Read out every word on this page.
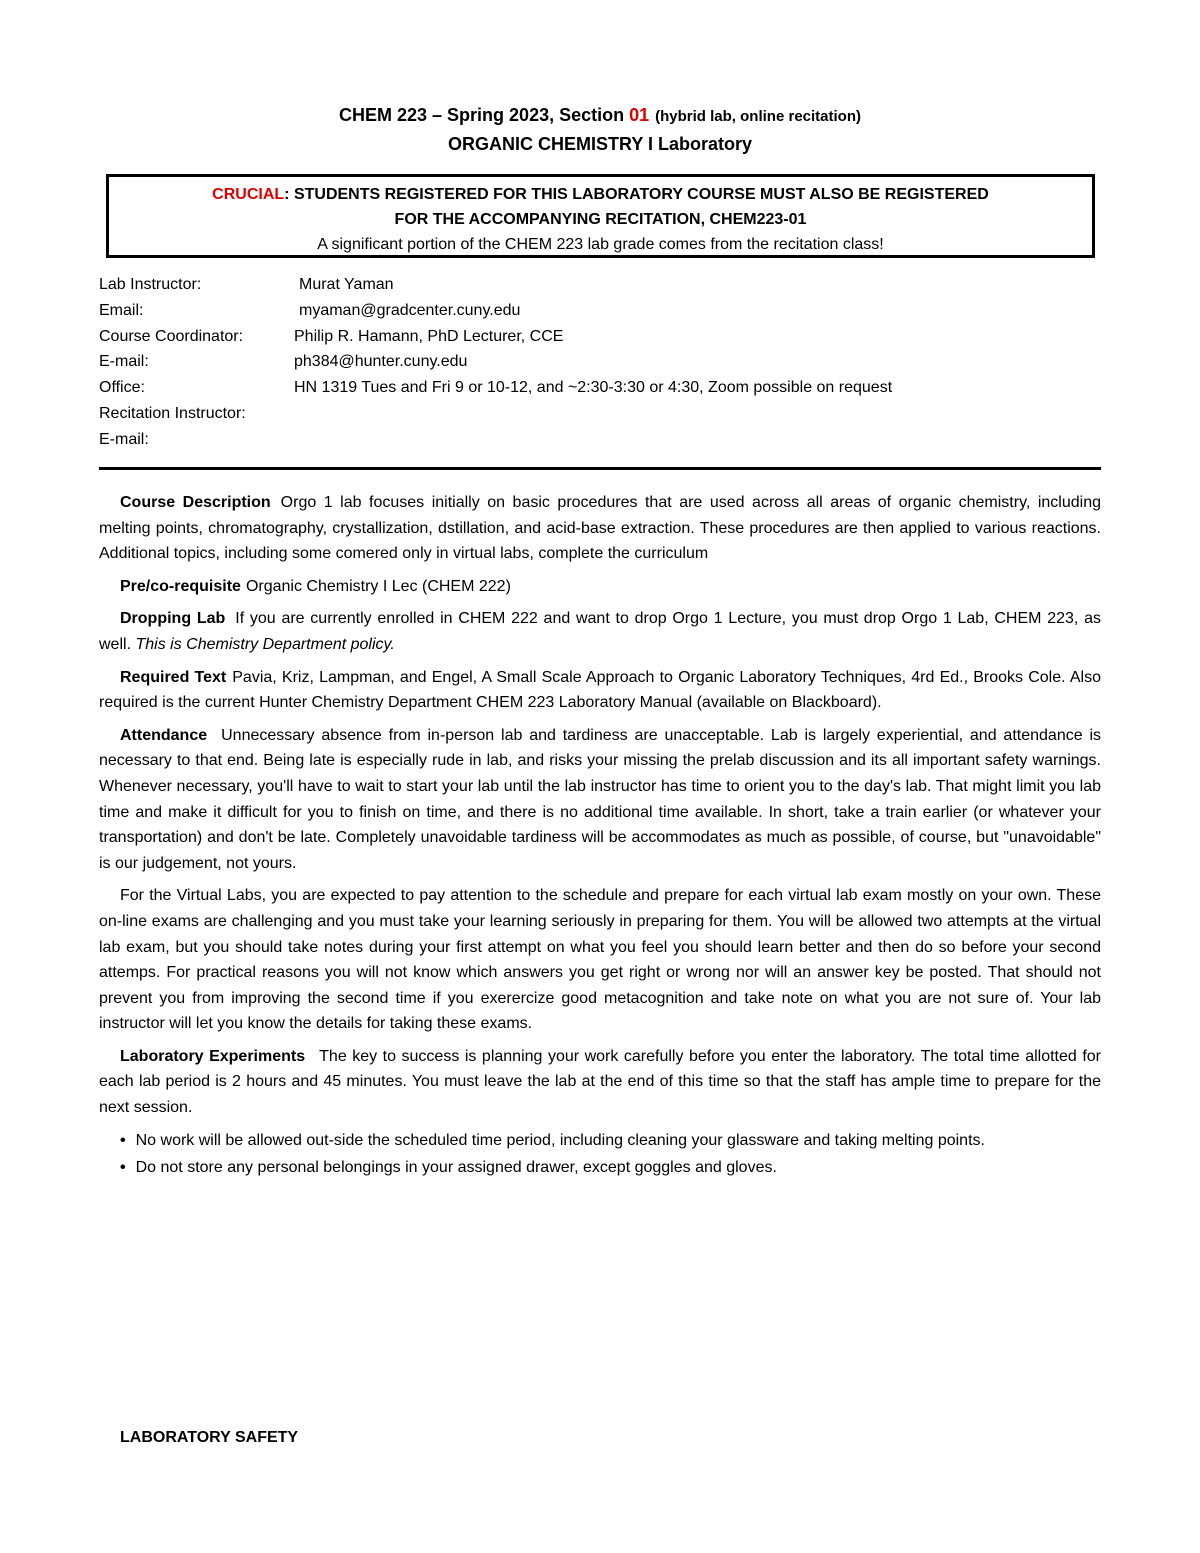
CHEM 223 – Spring 2023, Section 01 (hybrid lab, online recitation)
ORGANIC CHEMISTRY I Laboratory
CRUCIAL: STUDENTS REGISTERED FOR THIS LABORATORY COURSE MUST ALSO BE REGISTERED
FOR THE ACCOMPANYING RECITATION, CHEM223-01
A significant portion of the CHEM 223 lab grade comes from the recitation class!
Lab Instructor:	Murat Yaman
Email:	myaman@gradcenter.cuny.edu
Course Coordinator:	Philip R. Hamann, PhD Lecturer, CCE
E-mail:	ph384@hunter.cuny.edu
Office:	HN 1319 Tues and Fri 9 or 10-12, and ~2:30-3:30 or 4:30, Zoom possible on request
Recitation Instructor:
E-mail:

Course Description Orgo 1 lab focuses initially on basic procedures that are used across all areas of organic chemistry, including melting points, chromatography, crystallization, dstillation, and acid-base extraction. These procedures are then applied to various reactions. Additional topics, including some comered only in virtual labs, complete the curriculum

Pre/co-requisite Organic Chemistry I Lec (CHEM 222)

Dropping Lab If you are currently enrolled in CHEM 222 and want to drop Orgo 1 Lecture, you must drop Orgo 1 Lab, CHEM 223, as well. This is Chemistry Department policy.

Required Text Pavia, Kriz, Lampman, and Engel, A Small Scale Approach to Organic Laboratory Techniques, 4rd Ed., Brooks Cole. Also required is the current Hunter Chemistry Department CHEM 223 Laboratory Manual (available on Blackboard).

Attendance Unnecessary absence from in-person lab and tardiness are unacceptable. Lab is largely experiential, and attendance is necessary to that end. Being late is especially rude in lab, and risks your missing the prelab discussion and its all important safety warnings. Whenever necessary, you'll have to wait to start your lab until the lab instructor has time to orient you to the day's lab. That might limit you lab time and make it difficult for you to finish on time, and there is no additional time available. In short, take a train earlier (or whatever your transportation) and don't be late. Completely unavoidable tardiness will be accommodates as much as possible, of course, but "unavoidable" is our judgement, not yours.

For the Virtual Labs, you are expected to pay attention to the schedule and prepare for each virtual lab exam mostly on your own. These on-line exams are challenging and you must take your learning seriously in preparing for them. You will be allowed two attempts at the virtual lab exam, but you should take notes during your first attempt on what you feel you should learn better and then do so before your second attemps. For practical reasons you will not know which answers you get right or wrong nor will an answer key be posted. That should not prevent you from improving the second time if you exerercize good metacognition and take note on what you are not sure of. Your lab instructor will let you know the details for taking these exams.

Laboratory Experiments The key to success is planning your work carefully before you enter the laboratory. The total time allotted for each lab period is 2 hours and 45 minutes. You must leave the lab at the end of this time so that the staff has ample time to prepare for the next session.

• No work will be allowed out-side the scheduled time period, including cleaning your glassware and taking melting points.

• Do not store any personal belongings in your assigned drawer, except goggles and gloves.

LABORATORY SAFETY
